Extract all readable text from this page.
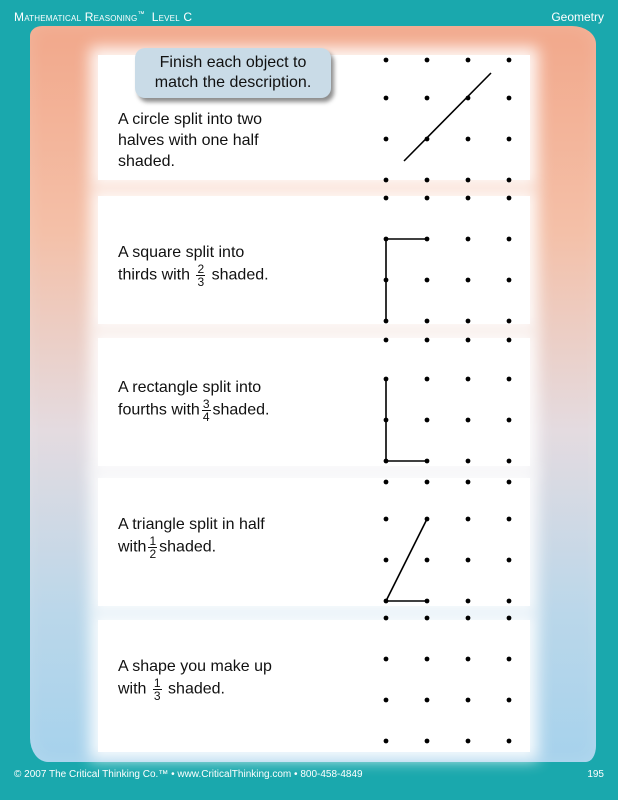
Mathematical Reasoning™ Level C	Geometry
Finish each object to
match the description.
A circle split into two
halves with one half
shaded.
A square split into
thirds with $\frac{2}{3}$ shaded.
A rectangle split into
fourths with $\frac{3}{4}$ shaded.
A triangle split in half
with $\frac{1}{2}$ shaded.
A shape you make up
with $\frac{1}{3}$ shaded.
© 2007 The Critical Thinking Co.™ • www.CriticalThinking.com • 800-458-4849	195
